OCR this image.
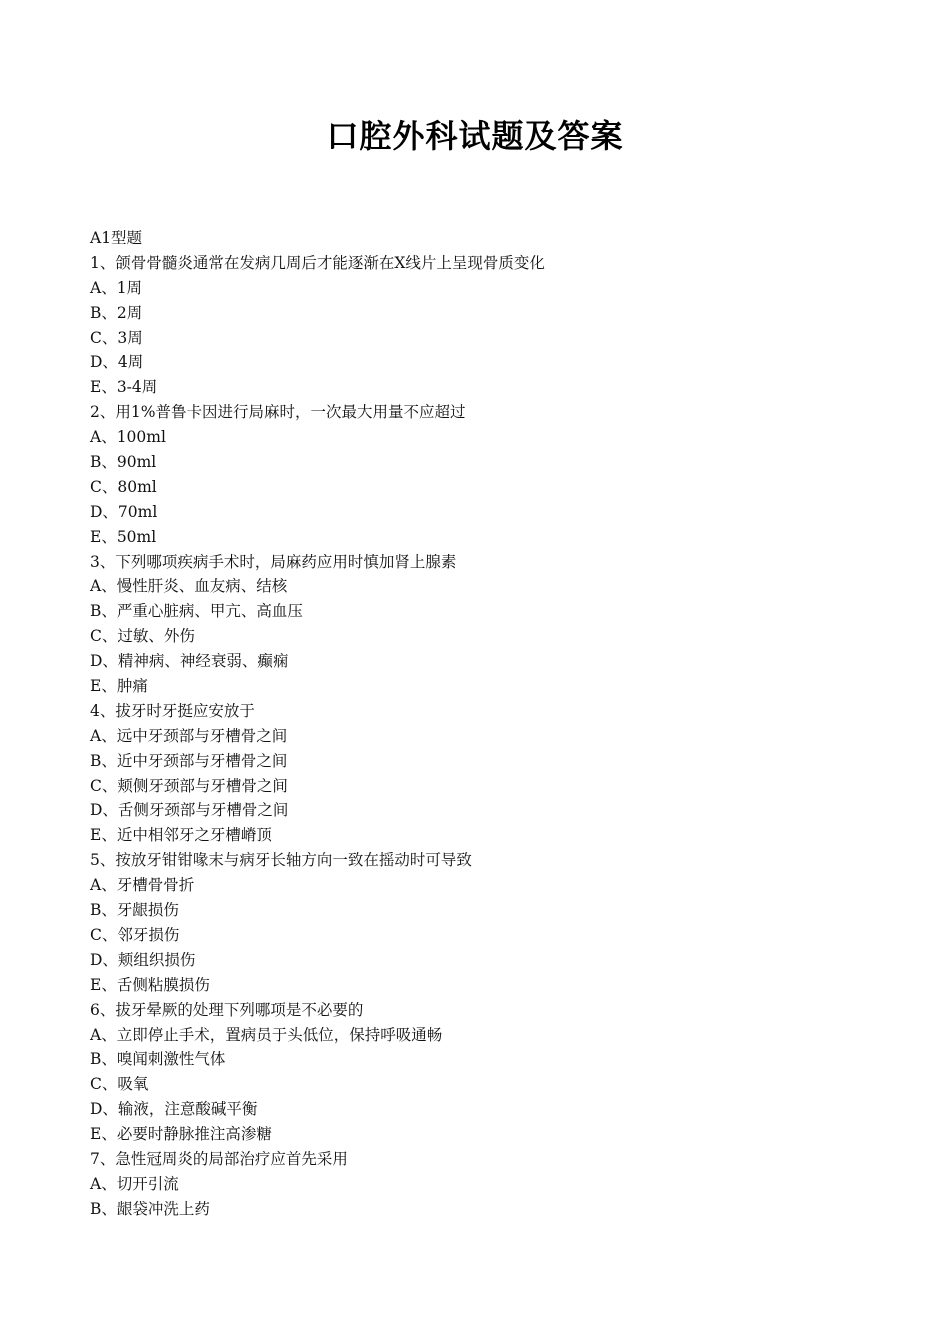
口腔外科试题及答案
A1型题
1、颌骨骨髓炎通常在发病几周后才能逐渐在X线片上呈现骨质变化
A、1周
B、2周
C、3周
D、4周
E、3-4周
2、用1%普鲁卡因进行局麻时，一次最大用量不应超过
A、100ml
B、90ml
C、80ml
D、70ml
E、50ml
3、下列哪项疾病手术时，局麻药应用时慎加肾上腺素
A、慢性肝炎、血友病、结核
B、严重心脏病、甲亢、高血压
C、过敏、外伤
D、精神病、神经衰弱、癫痫
E、肿痛
4、拔牙时牙挺应安放于
A、远中牙颈部与牙槽骨之间
B、近中牙颈部与牙槽骨之间
C、颊侧牙颈部与牙槽骨之间
D、舌侧牙颈部与牙槽骨之间
E、近中相邻牙之牙槽嵴顶
5、按放牙钳钳喙末与病牙长轴方向一致在摇动时可导致
A、牙槽骨骨折
B、牙龈损伤
C、邻牙损伤
D、颊组织损伤
E、舌侧粘膜损伤
6、拔牙晕厥的处理下列哪项是不必要的
A、立即停止手术，置病员于头低位，保持呼吸通畅
B、嗅闻刺激性气体
C、吸氧
D、输液，注意酸碱平衡
E、必要时静脉推注高渗糖
7、急性冠周炎的局部治疗应首先采用
A、切开引流
B、龈袋冲洗上药
